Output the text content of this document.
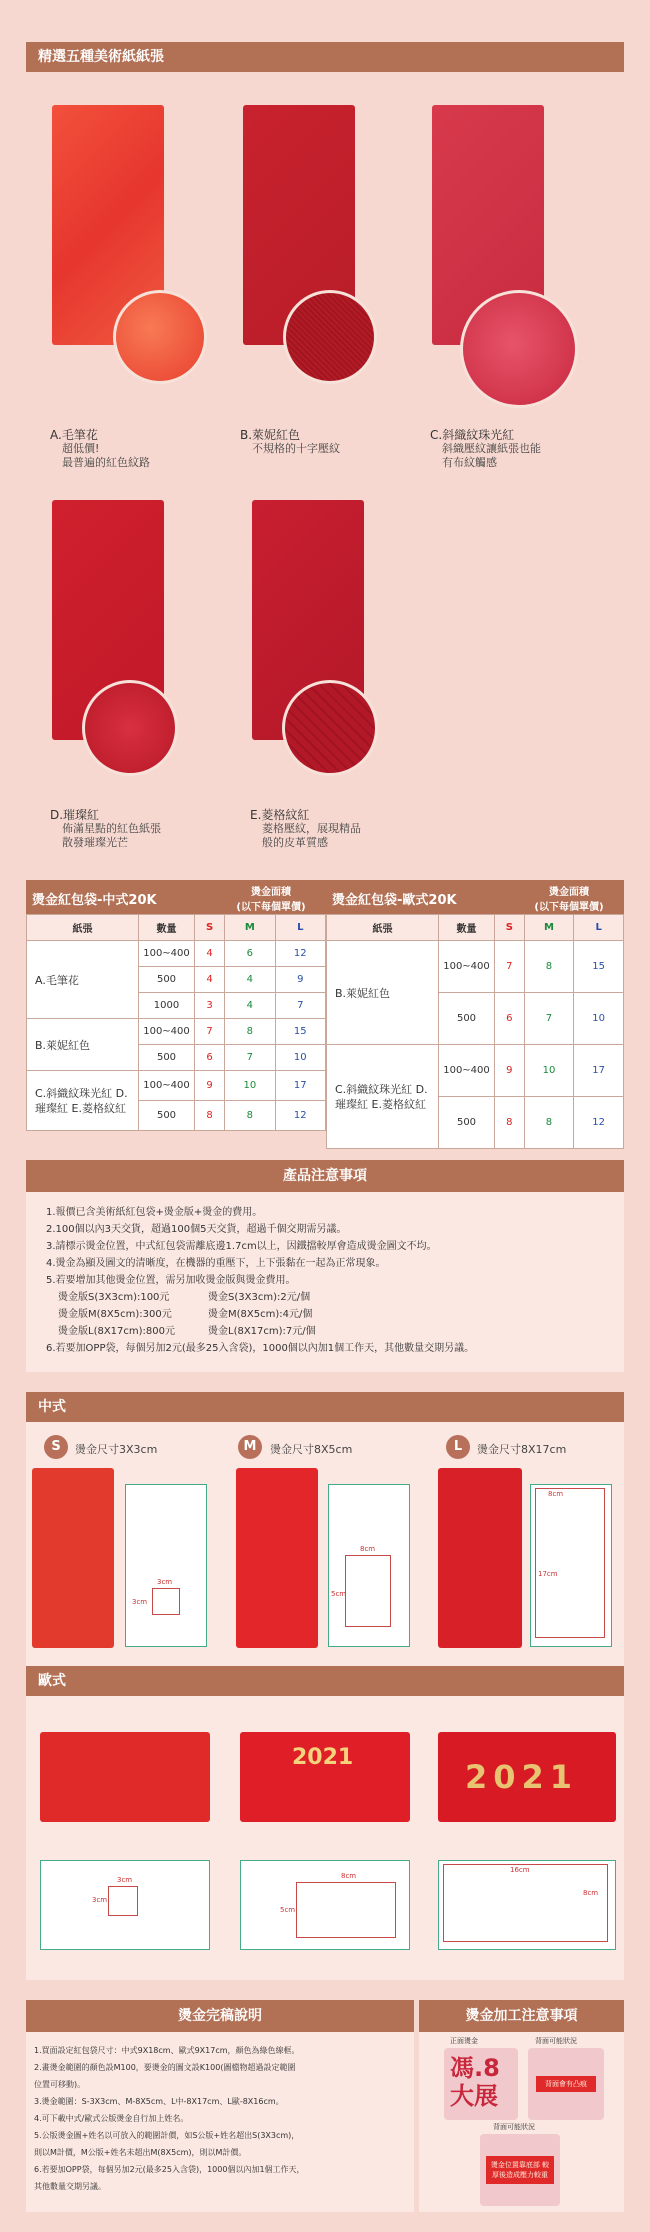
精選五種美術紙紙張
A.毛筆花
超低價!
最普遍的紅色紋路
B.萊妮紅色
不規格的十字壓紋
C.斜織紋珠光紅
斜織壓紋讓紙張也能
有布紋觸感
D.璀璨紅
佈滿星點的紅色紙張
散發璀璨光芒
E.菱格紋紅
菱格壓紋，展現精品
般的皮革質感
燙金紅包袋-中式20K
燙金面積
(以下每個單價)	燙金紅包袋-歐式20K
燙金面積
(以下每個單價)
紙張	數量	S	M	L
A.毛筆花	100~400	4	6	12
	500	4	4	9
	1000	3	4	7
B.萊妮紅色	100~400	7	8	15
	500	6	7	10
C.斜織紋珠光紅 D.璀璨紅 E.菱格紋紅	100~400	9	10	17
	500	8	8	12
紙張	數量	S	M	L
B.萊妮紅色	100~400	7	8	15
	500	6	7	10
C.斜織紋珠光紅 D.璀璨紅 E.菱格紋紅	100~400	9	10	17
	500	8	8	12
產品注意事項
1.報價已含美術紙紅包袋+燙金版+燙金的費用。
2.100個以內3天交貨，超過100個5天交貨，超過千個交期需另議。
3.請標示燙金位置，中式紅包袋需離底邊1.7cm以上，因鐵擋較厚會造成燙金圖文不均。
4.燙金為顯及圖文的清晰度，在機器的重壓下，上下張黏在一起為正常現象。
5.若要增加其他燙金位置，需另加收燙金版與燙金費用。
燙金版S(3X3cm):100元	燙金S(3X3cm):2元/個
燙金版M(8X5cm):300元	燙金M(8X5cm):4元/個
燙金版L(8X17cm):800元	燙金L(8X17cm):7元/個
6.若要加OPP袋，每個另加2元(最多25入含袋)，1000個以內加1個工作天，其他數量交期另議。
中式
S	燙金尺寸3X3cm	M	燙金尺寸8X5cm	L	燙金尺寸8X17cm
3cm
3cm
8cm
5cm
8cm
17cm
歐式
3cm
3cm
2021
8cm
5cm
2021
16cm
8cm
燙金完稿說明
1.買面設定紅包袋尺寸：中式9X18cm、歐式9X17cm，顏色為綠色線框。
2.畫燙金範圍的顏色設M100，要燙金的圖文設K100(圖檔物超過設定範圍
位置可移動)。
3.燙金範圍：S-3X3cm、M-8X5cm、L中-8X17cm、L歐-8X16cm。
4.可下載中式/歐式公版燙金自行加上姓名。
5.公版燙金圖+姓名以可放入的範圍計價，如S公版+姓名超出S(3X3cm)，
則以M計價，M公版+姓名未超出M(8X5cm)，則以M計價。
6.若要加OPP袋，每個另加2元(最多25入含袋)，1000個以內加1個工作天，
其他數量交期另議。
燙金加工注意事項
正面燙金	背面可能狀況
馮.8
大展	背面會有凸痕
背面可能狀況
燙金位置靠底部 較厚後造成壓力較重
